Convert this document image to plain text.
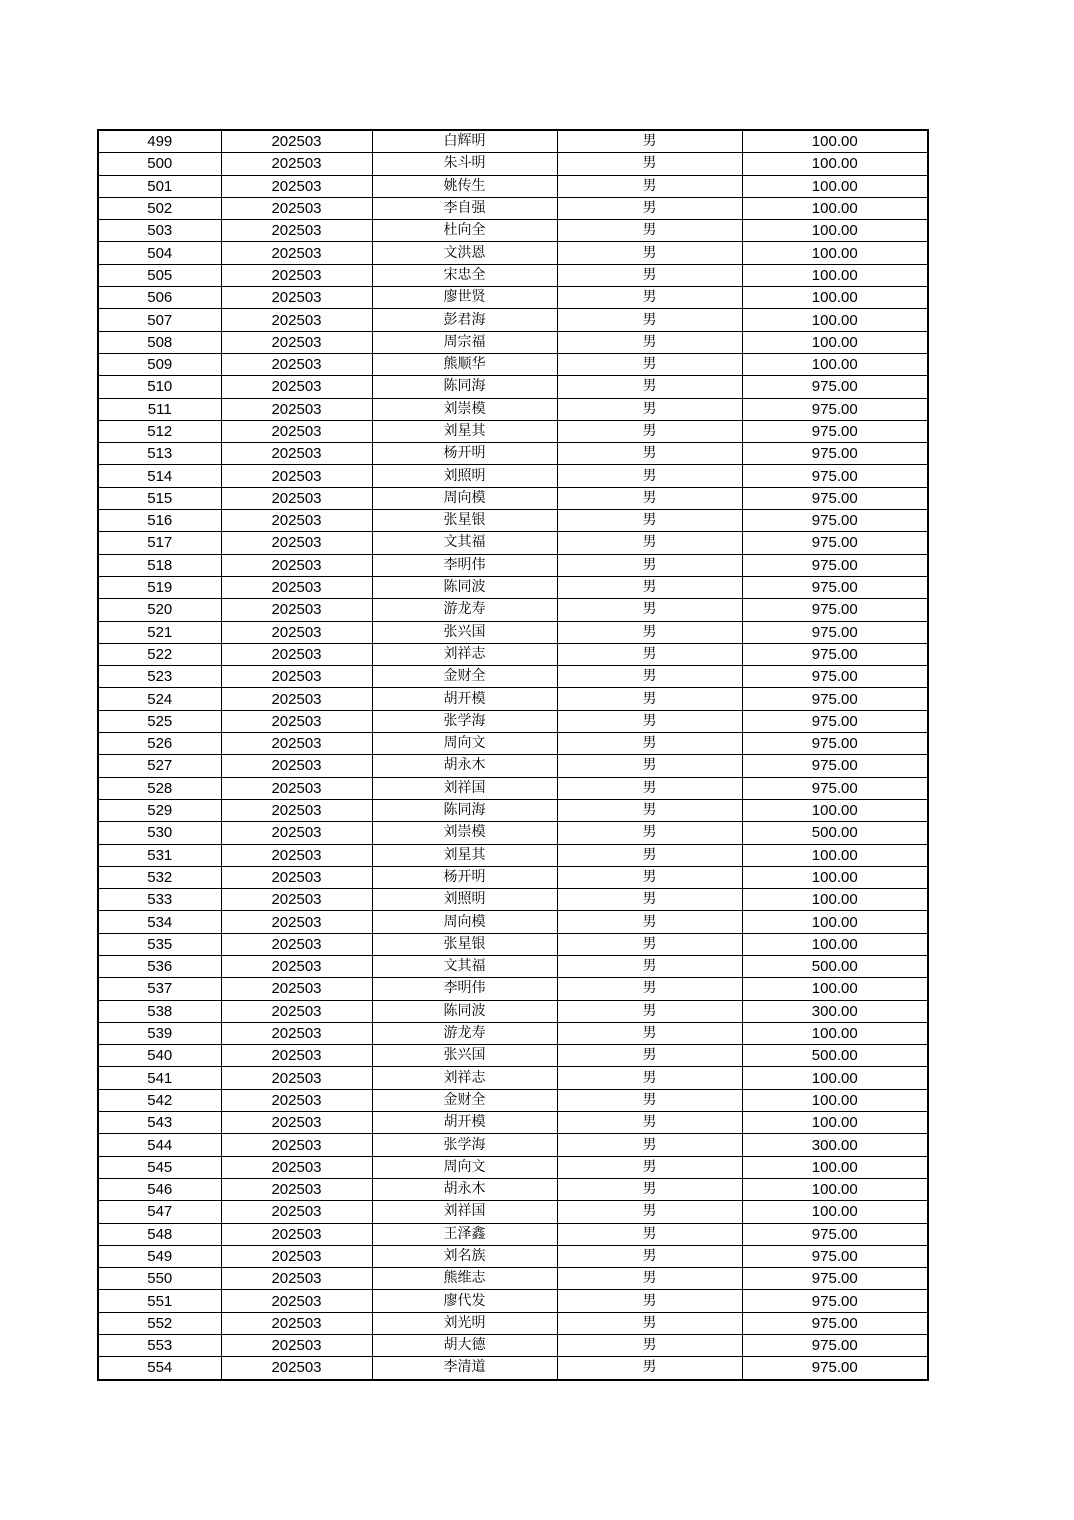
499	202503	白辉明	男	100.00
500	202503	朱斗明	男	100.00
501	202503	姚传生	男	100.00
502	202503	李自强	男	100.00
503	202503	杜向全	男	100.00
504	202503	文洪恩	男	100.00
505	202503	宋忠全	男	100.00
506	202503	廖世贤	男	100.00
507	202503	彭君海	男	100.00
508	202503	周宗福	男	100.00
509	202503	熊顺华	男	100.00
510	202503	陈同海	男	975.00
511	202503	刘崇模	男	975.00
512	202503	刘星其	男	975.00
513	202503	杨开明	男	975.00
514	202503	刘照明	男	975.00
515	202503	周向模	男	975.00
516	202503	张星银	男	975.00
517	202503	文其福	男	975.00
518	202503	李明伟	男	975.00
519	202503	陈同波	男	975.00
520	202503	游龙寿	男	975.00
521	202503	张兴国	男	975.00
522	202503	刘祥志	男	975.00
523	202503	金财全	男	975.00
524	202503	胡开模	男	975.00
525	202503	张学海	男	975.00
526	202503	周向文	男	975.00
527	202503	胡永木	男	975.00
528	202503	刘祥国	男	975.00
529	202503	陈同海	男	100.00
530	202503	刘崇模	男	500.00
531	202503	刘星其	男	100.00
532	202503	杨开明	男	100.00
533	202503	刘照明	男	100.00
534	202503	周向模	男	100.00
535	202503	张星银	男	100.00
536	202503	文其福	男	500.00
537	202503	李明伟	男	100.00
538	202503	陈同波	男	300.00
539	202503	游龙寿	男	100.00
540	202503	张兴国	男	500.00
541	202503	刘祥志	男	100.00
542	202503	金财全	男	100.00
543	202503	胡开模	男	100.00
544	202503	张学海	男	300.00
545	202503	周向文	男	100.00
546	202503	胡永木	男	100.00
547	202503	刘祥国	男	100.00
548	202503	王泽鑫	男	975.00
549	202503	刘名族	男	975.00
550	202503	熊维志	男	975.00
551	202503	廖代发	男	975.00
552	202503	刘光明	男	975.00
553	202503	胡大德	男	975.00
554	202503	李清道	男	975.00
